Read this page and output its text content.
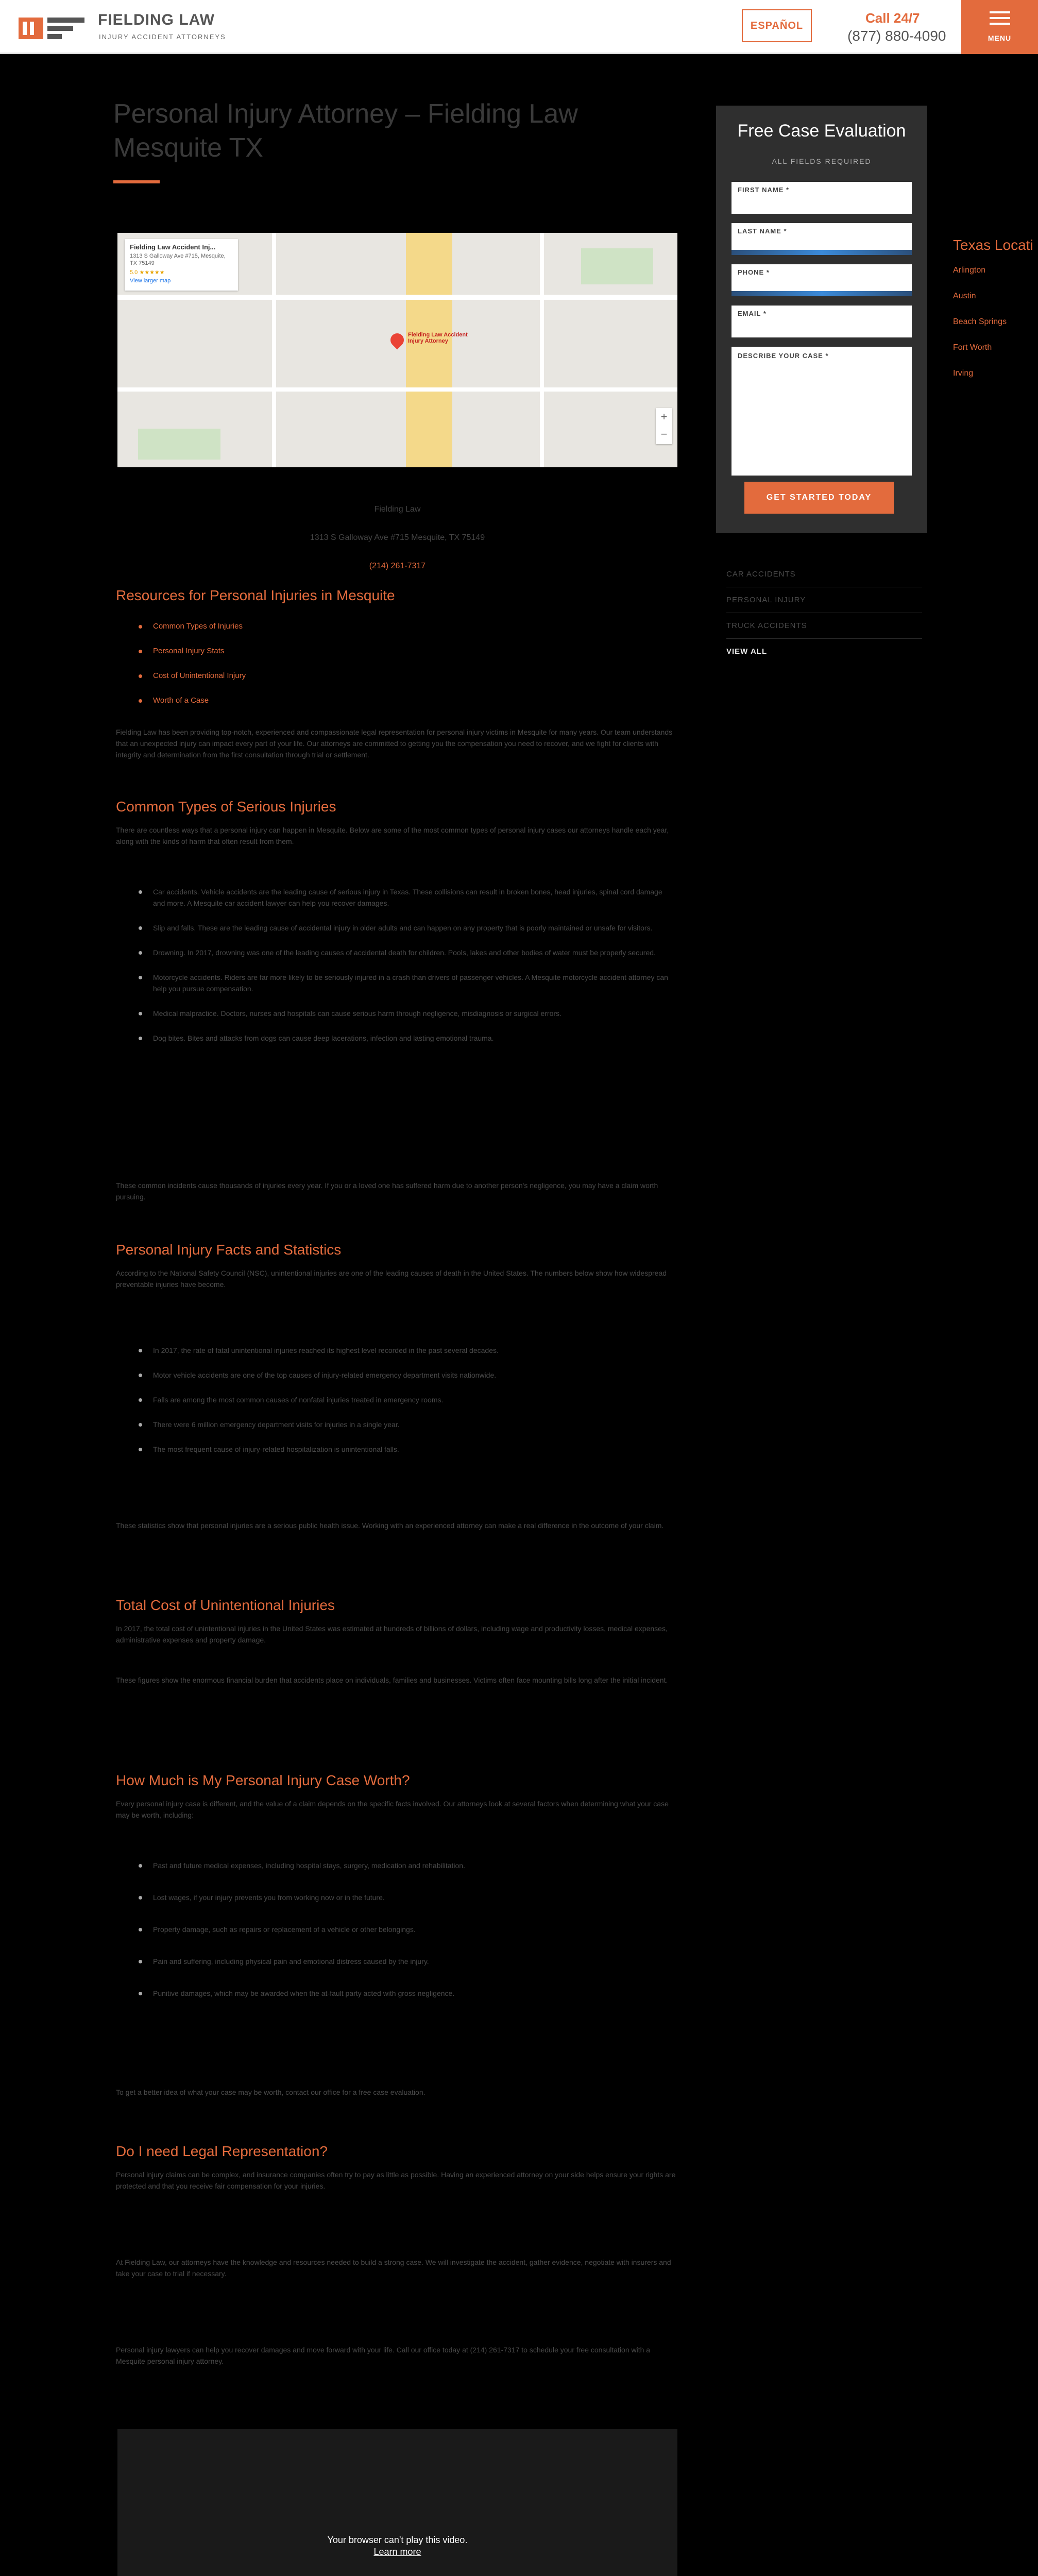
FIELDING LAW
INJURY ACCIDENT ATTORNEYS
ESPAÑOL	Call 24/7
(877) 880-4090	MENU
Personal Injury Attorney – Fielding Law Mesquite TX
Free Case Evaluation
ALL FIELDS REQUIRED
FIRST NAME *
LAST NAME *
PHONE *
EMAIL *
DESCRIBE YOUR CASE *
GET STARTED TODAY
Texas Locati
Arlington
Austin
Beach Springs
Fort Worth
Irving
CAR ACCIDENTS
PERSONAL INJURY
TRUCK ACCIDENTS
VIEW ALL
Fielding Law Accident Inj...
1313 S Galloway Ave #715, Mesquite, TX 75149
5.0 ★★★★★
View larger map
Fielding Law Accident Injury Attorney
+
−
Fielding Law
1313 S Galloway Ave #715 Mesquite, TX 75149
(214) 261-7317
Resources for Personal Injuries in Mesquite
Common Types of Injuries
Personal Injury Stats
Cost of Unintentional Injury
Worth of a Case

Fielding Law has been providing top-notch, experienced and compassionate legal representation for personal injury victims in Mesquite for many years. Our team understands that an unexpected injury can impact every part of your life. Our attorneys are committed to getting you the compensation you need to recover, and we fight for clients with integrity and determination from the first consultation through trial or settlement.

Common Types of Serious Injuries

There are countless ways that a personal injury can happen in Mesquite. Below are some of the most common types of personal injury cases our attorneys handle each year, along with the kinds of harm that often result from them.

Car accidents. Vehicle accidents are the leading cause of serious injury in Texas. These collisions can result in broken bones, head injuries, spinal cord damage and more. A Mesquite car accident lawyer can help you recover damages.
Slip and falls. These are the leading cause of accidental injury in older adults and can happen on any property that is poorly maintained or unsafe for visitors.
Drowning. In 2017, drowning was one of the leading causes of accidental death for children. Pools, lakes and other bodies of water must be properly secured.
Motorcycle accidents. Riders are far more likely to be seriously injured in a crash than drivers of passenger vehicles. A Mesquite motorcycle accident attorney can help you pursue compensation.
Medical malpractice. Doctors, nurses and hospitals can cause serious harm through negligence, misdiagnosis or surgical errors.
Dog bites. Bites and attacks from dogs can cause deep lacerations, infection and lasting emotional trauma.

These common incidents cause thousands of injuries every year. If you or a loved one has suffered harm due to another person's negligence, you may have a claim worth pursuing.

Personal Injury Facts and Statistics

According to the National Safety Council (NSC), unintentional injuries are one of the leading causes of death in the United States. The numbers below show how widespread preventable injuries have become.

In 2017, the rate of fatal unintentional injuries reached its highest level recorded in the past several decades.
Motor vehicle accidents are one of the top causes of injury-related emergency department visits nationwide.
Falls are among the most common causes of nonfatal injuries treated in emergency rooms.
There were 6 million emergency department visits for injuries in a single year.
The most frequent cause of injury-related hospitalization is unintentional falls.

These statistics show that personal injuries are a serious public health issue. Working with an experienced attorney can make a real difference in the outcome of your claim.

Total Cost of Unintentional Injuries

In 2017, the total cost of unintentional injuries in the United States was estimated at hundreds of billions of dollars, including wage and productivity losses, medical expenses, administrative expenses and property damage.

These figures show the enormous financial burden that accidents place on individuals, families and businesses. Victims often face mounting bills long after the initial incident.

How Much is My Personal Injury Case Worth?

Every personal injury case is different, and the value of a claim depends on the specific facts involved. Our attorneys look at several factors when determining what your case may be worth, including:

Past and future medical expenses, including hospital stays, surgery, medication and rehabilitation.
Lost wages, if your injury prevents you from working now or in the future.
Property damage, such as repairs or replacement of a vehicle or other belongings.
Pain and suffering, including physical pain and emotional distress caused by the injury.
Punitive damages, which may be awarded when the at-fault party acted with gross negligence.

To get a better idea of what your case may be worth, contact our office for a free case evaluation.

Do I need Legal Representation?

Personal injury claims can be complex, and insurance companies often try to pay as little as possible. Having an experienced attorney on your side helps ensure your rights are protected and that you receive fair compensation for your injuries.

At Fielding Law, our attorneys have the knowledge and resources needed to build a strong case. We will investigate the accident, gather evidence, negotiate with insurers and take your case to trial if necessary.

Personal injury lawyers can help you recover damages and move forward with your life. Call our office today at (214) 261-7317 to schedule your free consultation with a Mesquite personal injury attorney.

Your browser can't play this video.
Learn more
